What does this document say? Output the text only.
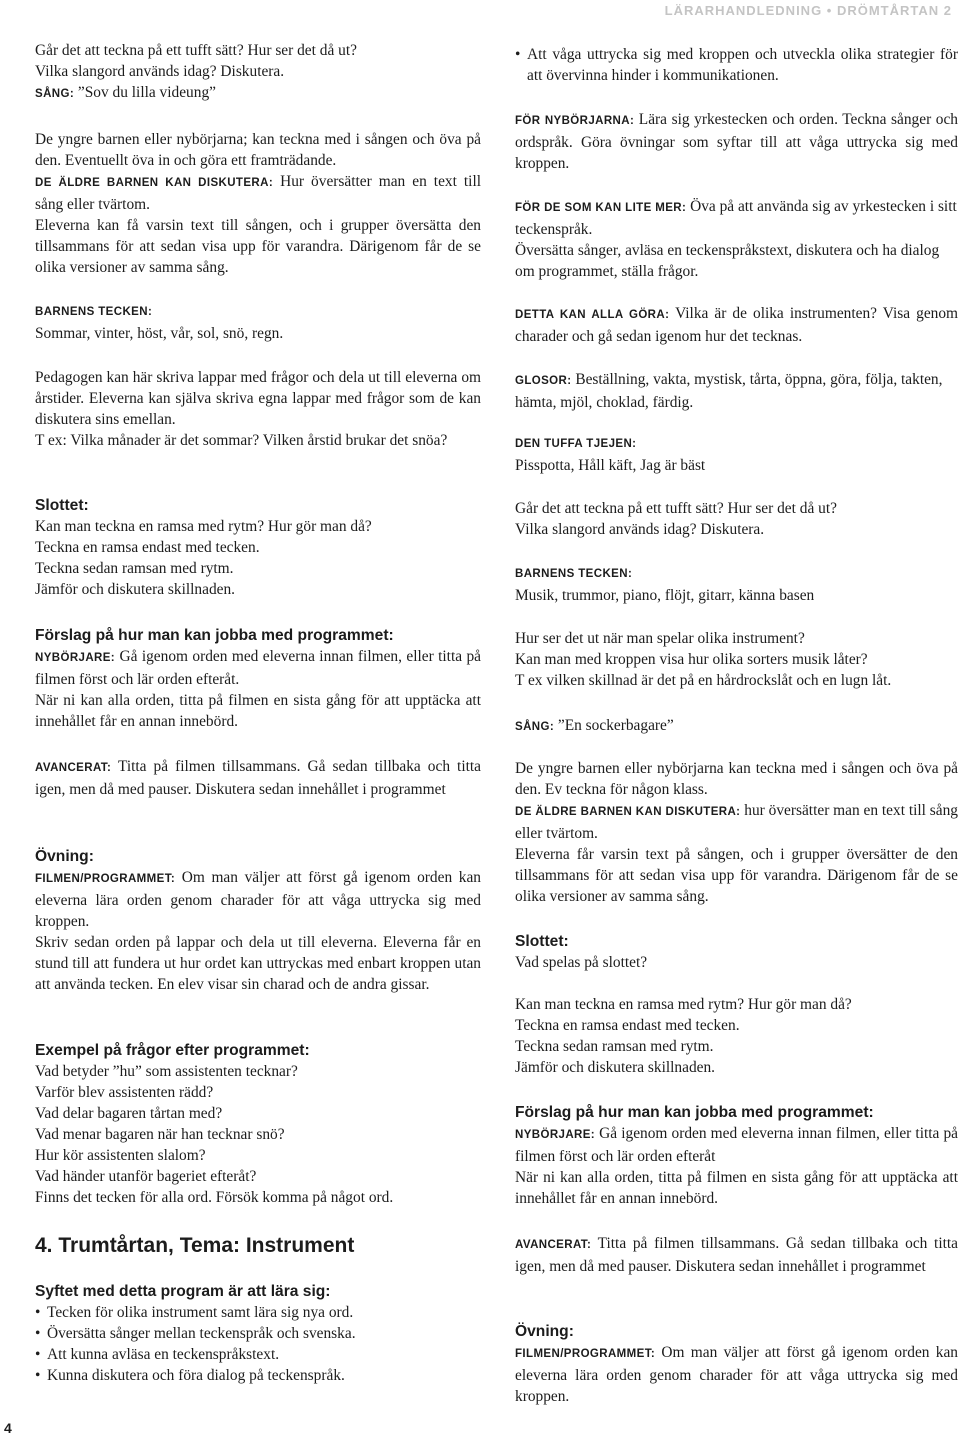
LÄRARHANDLEDNING • DRÖMTÅRTAN 2
4

Går det att teckna på ett tufft sätt? Hur ser det då ut?

Vilka slangord används idag? Diskutera.

SÅNG: ”Sov du lilla videung”

De yngre barnen eller nybörjarna; kan teckna med i sången och öva på den. Eventuellt öva in och göra ett framträdande.

DE ÄLDRE BARNEN KAN DISKUTERA: Hur översätter man en text till sång eller tvärtom.

Eleverna kan få varsin text till sången, och i grupper översätta den tillsammans för att sedan visa upp för varandra. Därigenom får de se olika versioner av samma sång.

BARNENS TECKEN:

Sommar, vinter, höst, vår, sol, snö, regn.

Pedagogen kan här skriva lappar med frågor och dela ut till eleverna om årstider. Eleverna kan själva skriva egna lappar med frågor som de kan diskutera sins emellan.

T ex: Vilka månader är det sommar? Vilken årstid brukar det snöa?

Slottet:

Kan man teckna en ramsa med rytm? Hur gör man då?

Teckna en ramsa endast med tecken.

Teckna sedan ramsan med rytm.

Jämför och diskutera skillnaden.

Förslag på hur man kan jobba med programmet:

NYBÖRJARE: Gå igenom orden med eleverna innan filmen, eller titta på filmen först och lär orden efteråt.

När ni kan alla orden, titta på filmen en sista gång för att upptäcka att innehållet får en annan innebörd.

AVANCERAT: Titta på filmen tillsammans. Gå sedan tillbaka och titta igen, men då med pauser. Diskutera sedan innehållet i programmet

Övning:

FILMEN/PROGRAMMET: Om man väljer att först gå igenom orden kan eleverna lära orden genom charader för att våga uttrycka sig med kroppen.

Skriv sedan orden på lappar och dela ut till eleverna. Eleverna får en stund till att fundera ut hur ordet kan uttryckas med enbart kroppen utan att använda tecken. En elev visar sin charad och de andra gissar.

Exempel på frågor efter programmet:

Vad betyder ”hu” som assistenten tecknar?

Varför blev assistenten rädd?

Vad delar bagaren tårtan med?

Vad menar bagaren när han tecknar snö?

Hur kör assistenten slalom?

Vad händer utanför bageriet efteråt?

Finns det tecken för alla ord. Försök komma på något ord.

4. Trumtårtan, Tema: Instrument

Syftet med detta program är att lära sig:

• Tecken för olika instrument samt lära sig nya ord.
• Översätta sånger mellan teckenspråk och svenska.
• Att kunna avläsa en teckenspråkstext.
• Kunna diskutera och föra dialog på teckenspråk.
• Att våga uttrycka sig med kroppen och utveckla olika strategier för att övervinna hinder i kommunikationen.

FÖR NYBÖRJARNA: Lära sig yrkestecken och orden. Teckna sånger och ordspråk. Göra övningar som syftar till att våga uttrycka sig med kroppen.

FÖR DE SOM KAN LITE MER: Öva på att använda sig av yrkestecken i sitt teckenspråk.

Översätta sånger, avläsa en teckenspråkstext, diskutera och ha dialog om programmet, ställa frågor.

DETTA KAN ALLA GÖRA: Vilka är de olika instrumenten? Visa genom charader och gå sedan igenom hur det tecknas.

GLOSOR: Beställning, vakta, mystisk, tårta, öppna, göra, följa, takten, hämta, mjöl, choklad, färdig.

DEN TUFFA TJEJEN:

Pisspotta, Håll käft, Jag är bäst

Går det att teckna på ett tufft sätt? Hur ser det då ut?

Vilka slangord används idag? Diskutera.

BARNENS TECKEN:

Musik, trummor, piano, flöjt, gitarr, känna basen

Hur ser det ut när man spelar olika instrument?

Kan man med kroppen visa hur olika sorters musik låter?

T ex vilken skillnad är det på en hårdrockslåt och en lugn låt.

SÅNG: ”En sockerbagare”

De yngre barnen eller nybörjarna kan teckna med i sången och öva på den. Ev teckna för någon klass.

DE ÄLDRE BARNEN KAN DISKUTERA: hur översätter man en text till sång eller tvärtom.

Eleverna får varsin text på sången, och i grupper översätter de den tillsammans för att sedan visa upp för varandra. Därigenom får de se olika versioner av samma sång.

Slottet:

Vad spelas på slottet?

Kan man teckna en ramsa med rytm? Hur gör man då?

Teckna en ramsa endast med tecken.

Teckna sedan ramsan med rytm.

Jämför och diskutera skillnaden.

Förslag på hur man kan jobba med programmet:

NYBÖRJARE: Gå igenom orden med eleverna innan filmen, eller titta på filmen först och lär orden efteråt

När ni kan alla orden, titta på filmen en sista gång för att upptäcka att innehållet får en annan innebörd.

AVANCERAT: Titta på filmen tillsammans. Gå sedan tillbaka och titta igen, men då med pauser. Diskutera sedan innehållet i programmet

Övning:

FILMEN/PROGRAMMET: Om man väljer att först gå igenom orden kan eleverna lära orden genom charader för att våga uttrycka sig med kroppen.
